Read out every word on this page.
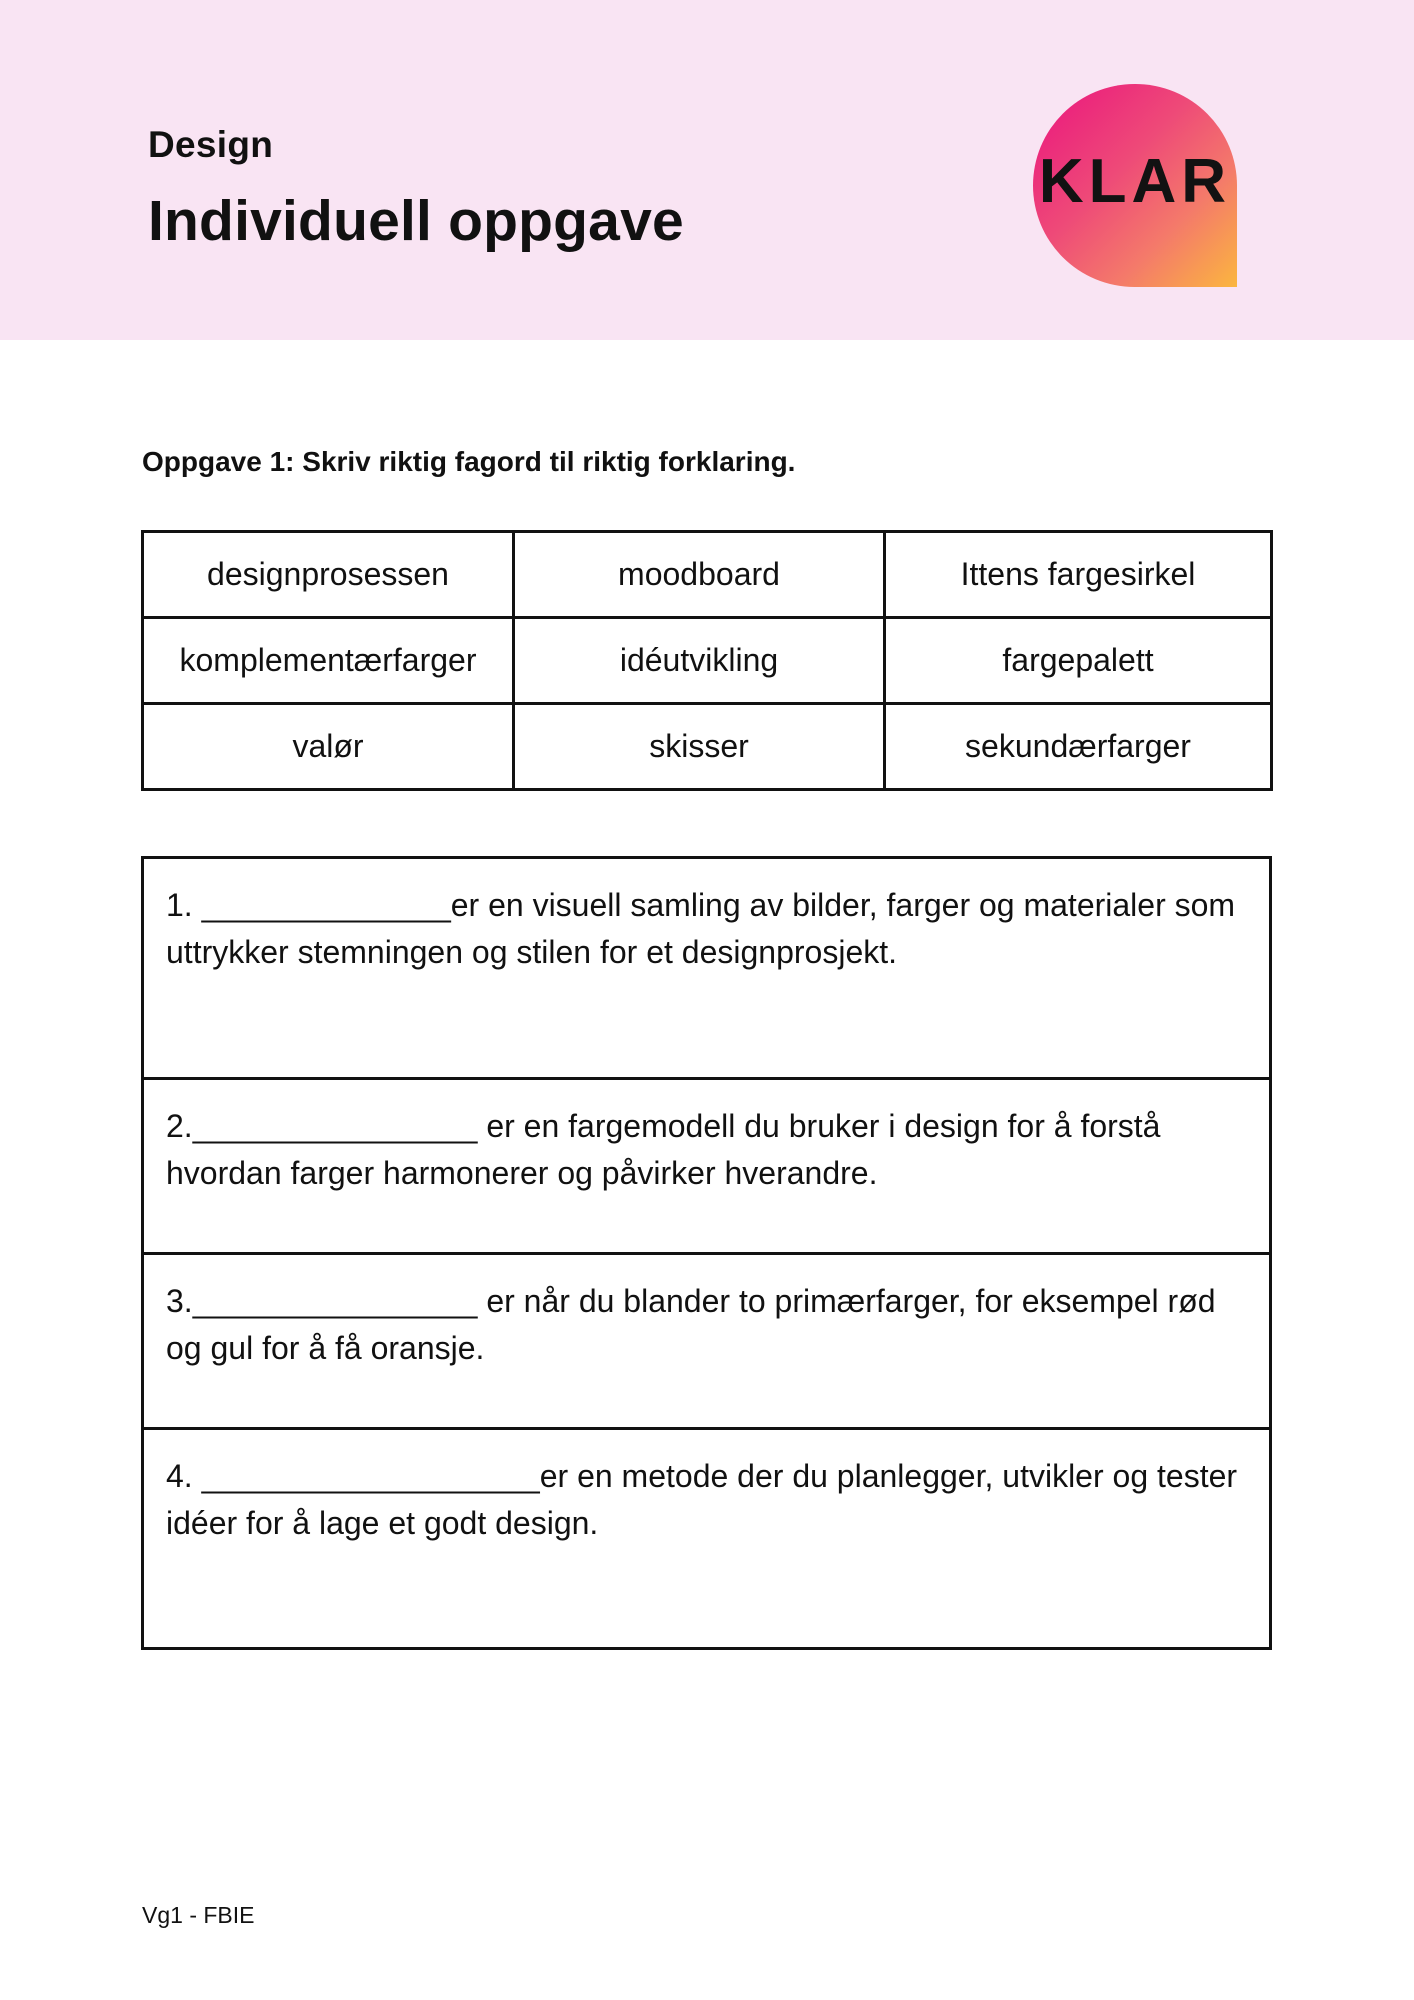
Design
Individuell oppgave
KLAR
Oppgave 1: Skriv riktig fagord til riktig forklaring.
designprosessen	moodboard	Ittens fargesirkel
komplementærfarger	idéutvikling	fargepalett
valør	skisser	sekundærfarger
1. ______________er en visuell samling av bilder, farger og materialer som uttrykker stemningen og stilen for et designprosjekt.
2.________________ er en fargemodell du bruker i design for å forstå hvordan farger harmonerer og påvirker hverandre.
3.________________ er når du blander to primærfarger, for eksempel rød og gul for å få oransje.
4. ___________________er en metode der du planlegger, utvikler og tester idéer for å lage et godt design.
Vg1 - FBIE
